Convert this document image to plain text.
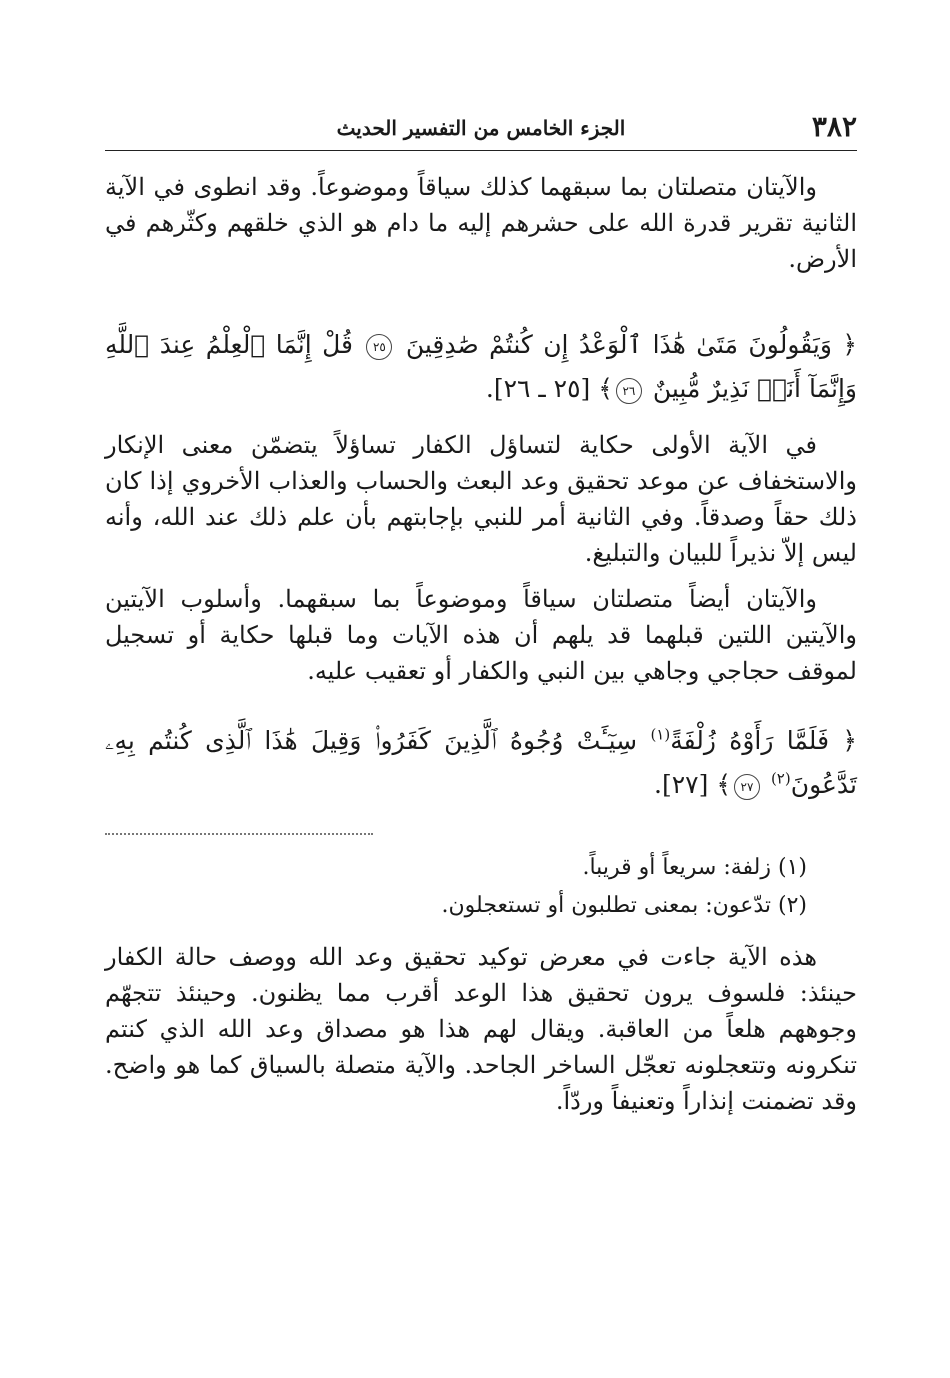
٣٨٢
الجزء الخامس من التفسير الحديث

والآيتان متصلتان بما سبقهما كذلك سياقاً وموضوعاً. وقد انطوى في الآية الثانية تقرير قدرة الله على حشرهم إليه ما دام هو الذي خلقهم وكثّرهم في الأرض.

﴿ وَيَقُولُونَ مَتَىٰ هَٰذَا ٱلْوَعْدُ إِن كُنتُمْ صَٰدِقِينَ ٢٥ قُلْ إِنَّمَا ٱلْعِلْمُ عِندَ ٱللَّهِ وَإِنَّمَآ أَنَا۠ نَذِيرٌ مُّبِينٌ ٢٦﴾ [٢٥ ـ ٢٦].

في الآية الأولى حكاية لتساؤل الكفار تساؤلاً يتضمّن معنى الإنكار والاستخفاف عن موعد تحقيق وعد البعث والحساب والعذاب الأخروي إذا كان ذلك حقاً وصدقاً. وفي الثانية أمر للنبي بإجابتهم بأن علم ذلك عند الله، وأنه ليس إلاّ نذيراً للبيان والتبليغ.

والآيتان أيضاً متصلتان سياقاً وموضوعاً بما سبقهما. وأسلوب الآيتين والآيتين اللتين قبلهما قد يلهم أن هذه الآيات وما قبلها حكاية أو تسجيل لموقف حجاجي وجاهي بين النبي والكفار أو تعقيب عليه.

﴿ فَلَمَّا رَأَوْهُ زُلْفَةً$^{(١)}$ سِيٓـَٔتْ وُجُوهُ ٱلَّذِينَ كَفَرُوا۟ وَقِيلَ هَٰذَا ٱلَّذِى كُنتُم بِهِۦ تَدَّعُونَ$^{(٢)}$ ٢٧﴾ [٢٧].

(١) زلفة: سريعاً أو قريباً.
(٢) تدّعون: بمعنى تطلبون أو تستعجلون.

هذه الآية جاءت في معرض توكيد تحقيق وعد الله ووصف حالة الكفار حينئذ: فلسوف يرون تحقيق هذا الوعد أقرب مما يظنون. وحينئذ تتجهّم وجوههم هلعاً من العاقبة. ويقال لهم هذا هو مصداق وعد الله الذي كنتم تنكرونه وتتعجلونه تعجّل الساخر الجاحد. والآية متصلة بالسياق كما هو واضح. وقد تضمنت إنذاراً وتعنيفاً وردّاً.
